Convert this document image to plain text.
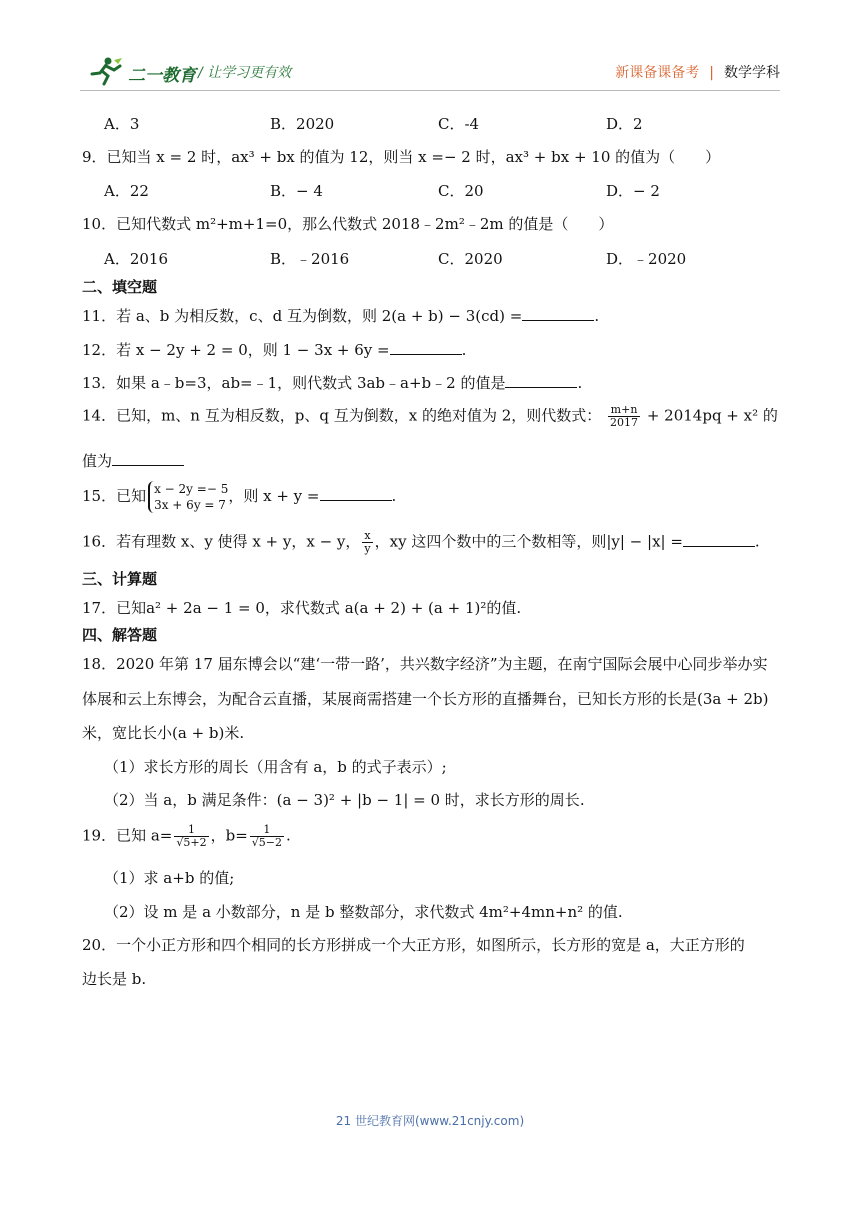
二一教育 / 让学习更有效	新课备课备考 | 数学学科
A．3	B．2020	C．-4	D．2
9．已知当 x = 2 时，ax³ + bx 的值为 12，则当 x =− 2 时，ax³ + bx + 10 的值为（　　）
A．22	B．− 4	C．20	D．− 2
10．已知代数式 m²+m+1=0，那么代数式 2018﹣2m²﹣2m 的值是（　　）
A．2016	B．﹣2016	C．2020	D．﹣2020
二、填空题
11．若 a、b 为相反数，c、d 互为倒数，则 2(a + b) − 3(cd) =	.
12．若 x − 2y + 2 = 0，则 1 − 3x + 6y =	.
13．如果 a﹣b=3，ab=﹣1，则代数式 3ab﹣a+b﹣2 的值是	.
14．已知，m、n 互为相反数，p、q 互为倒数，x 的绝对值为 2，则代数式： $\frac{m+n}{2017} + 2014pq + x^2$ 的
值为
15．已知 x − 2y =− 5
3x + 6y = 7 ，则 x + y =	.
16．若有理数 x、y 使得 x + y，x − y， $\frac{x}{y}$ ，xy 这四个数中的三个数相等，则|y| − |x| =	.
三、计算题
17．已知a² + 2a − 1 = 0，求代数式 a(a + 2) + (a + 1)²的值.
四、解答题
18．2020 年第 17 届东博会以“建‘一带一路’，共兴数字经济”为主题，在南宁国际会展中心同步举办实
体展和云上东博会，为配合云直播，某展商需搭建一个长方形的直播舞台，已知长方形的长是(3a + 2b)
米，宽比长小(a + b)米.
（1）求长方形的周长（用含有 a，b 的式子表示）;
（2）当 a，b 满足条件：(a − 3)² + |b − 1| = 0 时，求长方形的周长.
19．已知 $a= \frac{1}{√5+2}$ ，$b= \frac{1}{√5-2}$ .
（1）求 a+b 的值;
（2）设 m 是 a 小数部分，n 是 b 整数部分，求代数式 4m²+4mn+n² 的值.
20．一个小正方形和四个相同的长方形拼成一个大正方形，如图所示，长方形的宽是 a，大正方形的
边长是 b.
21 世纪教育网(www.21cnjy.com)
